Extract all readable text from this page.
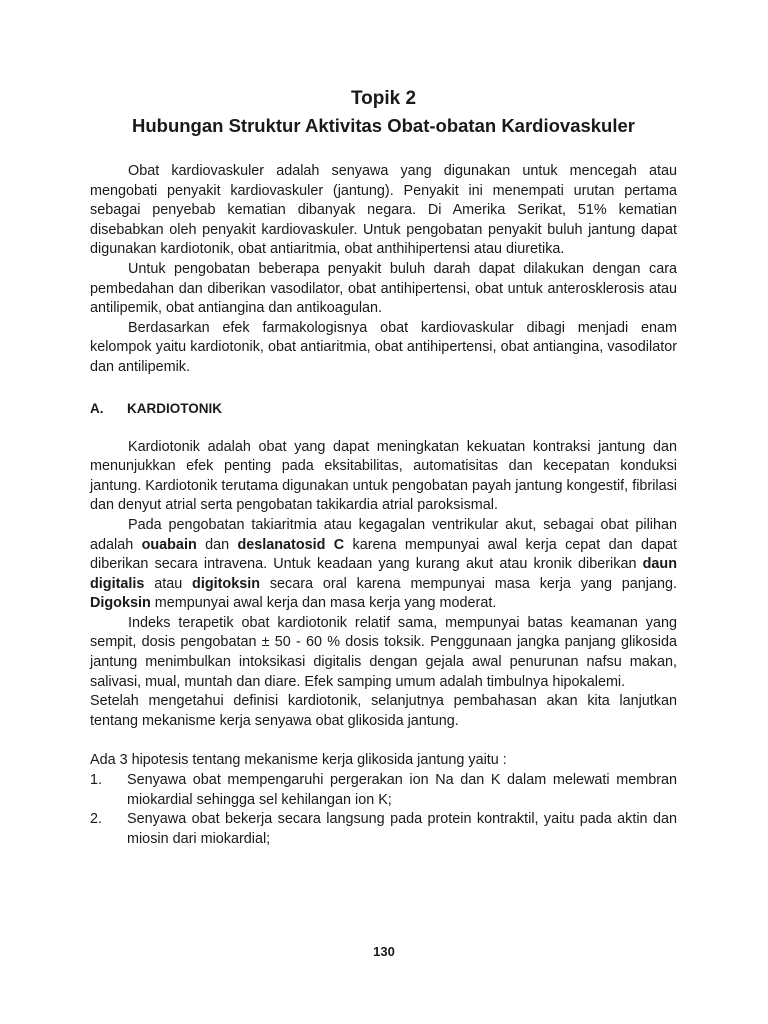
Topik 2
Hubungan Struktur Aktivitas Obat-obatan Kardiovaskuler

Obat kardiovaskuler adalah senyawa yang digunakan untuk mencegah atau mengobati penyakit kardiovaskuler (jantung). Penyakit ini menempati urutan pertama sebagai penyebab kematian dibanyak negara. Di Amerika Serikat, 51% kematian disebabkan oleh penyakit kardiovaskuler. Untuk pengobatan penyakit buluh jantung dapat digunakan kardiotonik, obat antiaritmia, obat anthihipertensi atau diuretika.

Untuk pengobatan beberapa penyakit buluh darah dapat dilakukan dengan cara pembedahan dan diberikan vasodilator, obat antihipertensi, obat untuk anterosklerosis atau antilipemik, obat antiangina dan antikoagulan.

Berdasarkan efek farmakologisnya obat kardiovaskular dibagi menjadi enam kelompok yaitu kardiotonik, obat antiaritmia, obat antihipertensi, obat antiangina, vasodilator dan antilipemik.

A.	KARDIOTONIK

Kardiotonik adalah obat yang dapat meningkatan kekuatan kontraksi jantung dan menunjukkan efek penting pada eksitabilitas, automatisitas dan kecepatan konduksi jantung. Kardiotonik terutama digunakan untuk pengobatan payah jantung kongestif, fibrilasi dan denyut atrial serta pengobatan takikardia atrial paroksismal.

Pada pengobatan takiaritmia atau kegagalan ventrikular akut, sebagai obat pilihan adalah ouabain dan deslanatosid C karena mempunyai awal kerja cepat dan dapat diberikan secara intravena. Untuk keadaan yang kurang akut atau kronik diberikan daun digitalis atau digitoksin secara oral karena mempunyai masa kerja yang panjang. Digoksin mempunyai awal kerja dan masa kerja yang moderat.

Indeks terapetik obat kardiotonik relatif sama, mempunyai batas keamanan yang sempit, dosis pengobatan ± 50 - 60 % dosis toksik. Penggunaan jangka panjang glikosida jantung menimbulkan intoksikasi digitalis dengan gejala awal penurunan nafsu makan, salivasi, mual, muntah dan diare. Efek samping umum adalah timbulnya hipokalemi.

Setelah mengetahui definisi kardiotonik, selanjutnya pembahasan akan kita lanjutkan tentang mekanisme kerja senyawa obat glikosida jantung.

Ada 3 hipotesis tentang mekanisme kerja glikosida jantung yaitu :

1.	Senyawa obat mempengaruhi pergerakan ion Na dan K dalam melewati membran miokardial sehingga sel kehilangan ion K;
2.	Senyawa obat bekerja secara langsung pada protein kontraktil, yaitu pada aktin dan miosin dari miokardial;
130
